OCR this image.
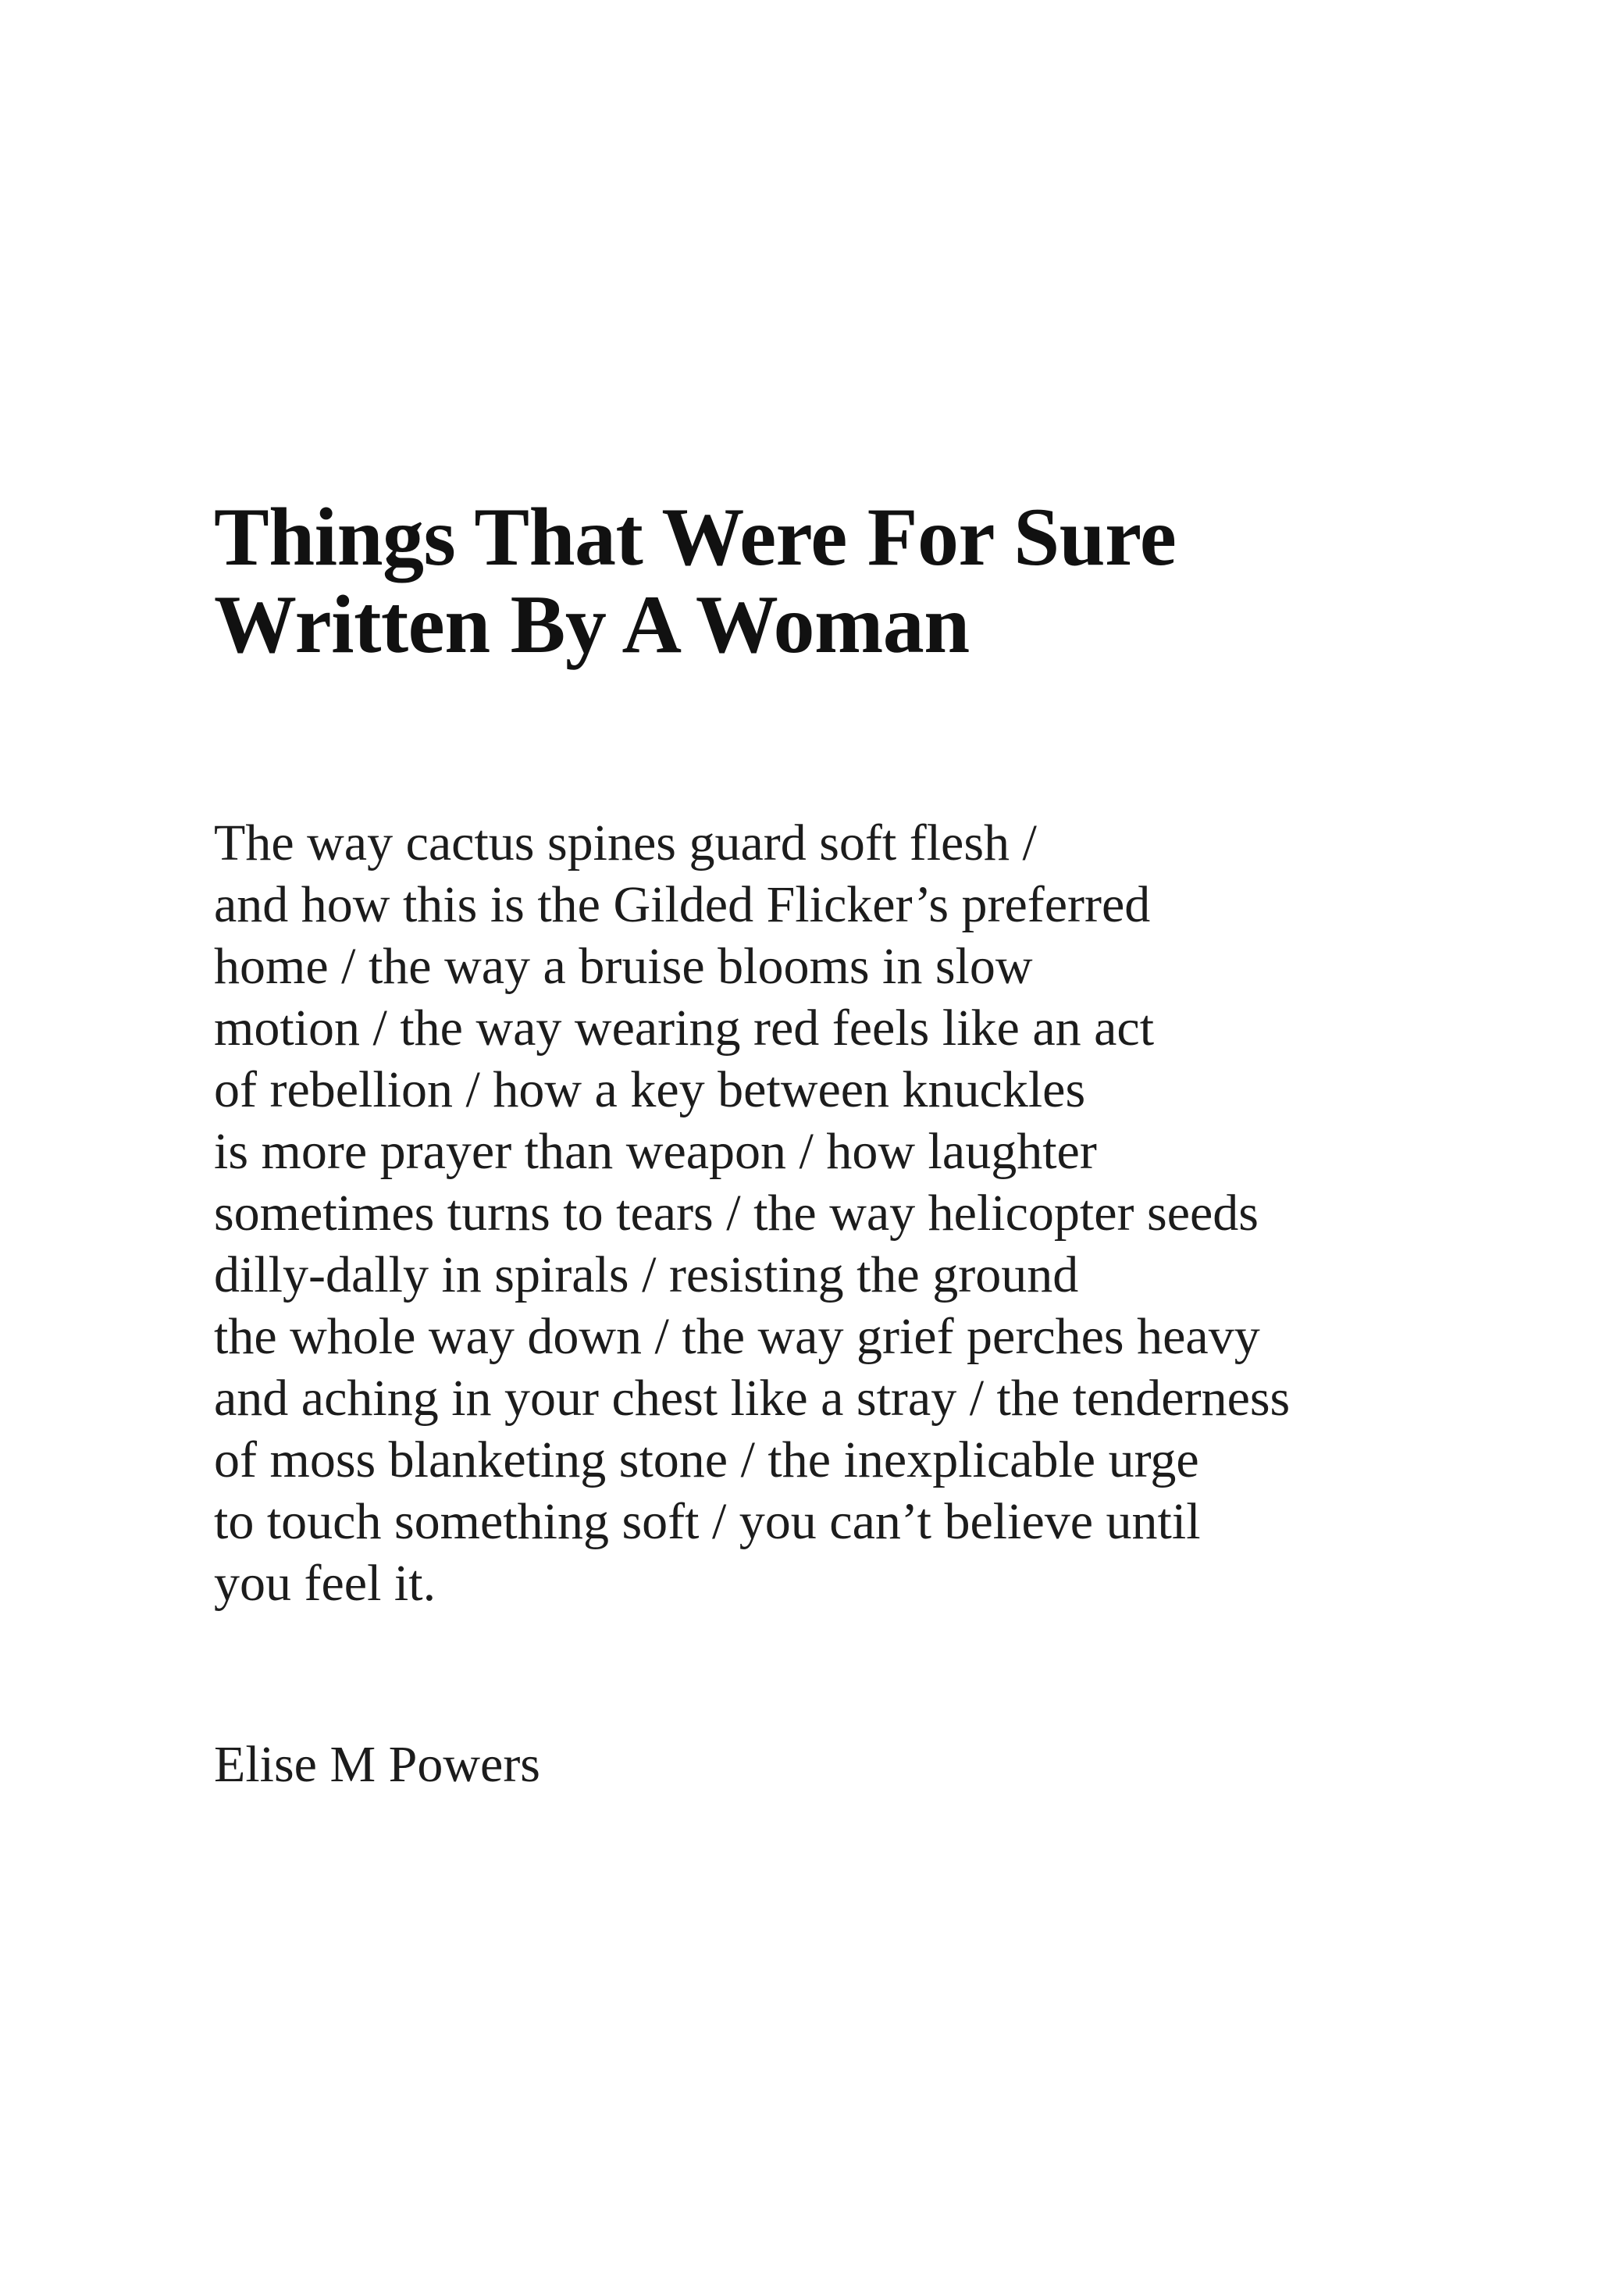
Things That Were For Sure
Written By A Woman
The way cactus spines guard soft flesh /
and how this is the Gilded Flicker’s preferred
home / the way a bruise blooms in slow
motion / the way wearing red feels like an act
of rebellion / how a key between knuckles
is more prayer than weapon / how laughter
sometimes turns to tears / the way helicopter seeds
dilly-dally in spirals / resisting the ground
the whole way down / the way grief perches heavy
and aching in your chest like a stray / the tenderness
of moss blanketing stone / the inexplicable urge
to touch something soft / you can’t believe until
you feel it.
Elise M Powers
